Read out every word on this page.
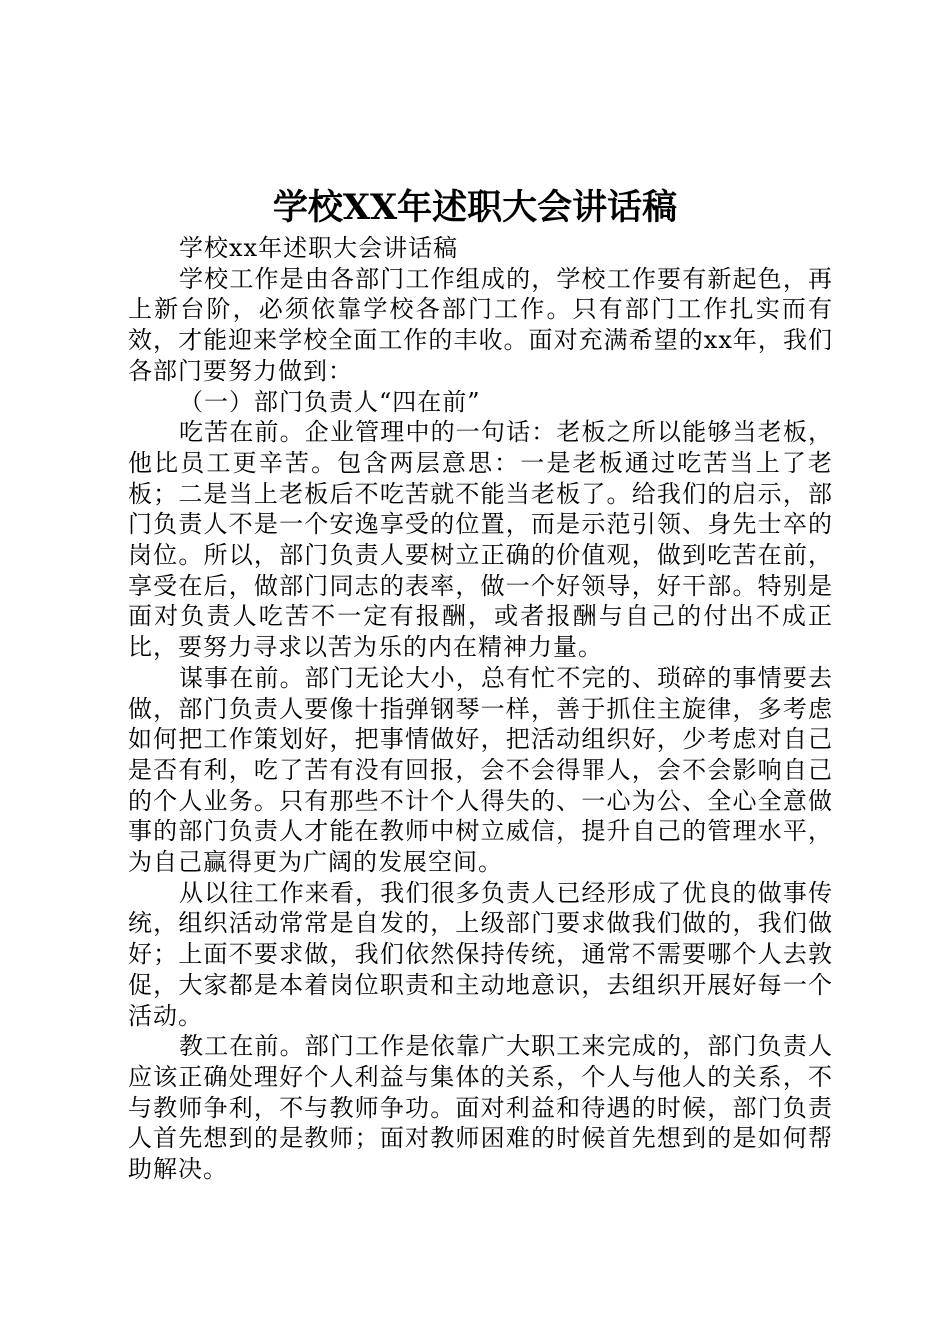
学校XX年述职大会讲话稿

学校xx年述职大会讲话稿

学校工作是由各部门工作组成的，学校工作要有新起色，再上新台阶，必须依靠学校各部门工作。只有部门工作扎实而有效，才能迎来学校全面工作的丰收。面对充满希望的xx年，我们各部门要努力做到：

（一）部门负责人“四在前”

吃苦在前。企业管理中的一句话：老板之所以能够当老板，他比员工更辛苦。包含两层意思：一是老板通过吃苦当上了老板；二是当上老板后不吃苦就不能当老板了。给我们的启示，部门负责人不是一个安逸享受的位置，而是示范引领、身先士卒的岗位。所以，部门负责人要树立正确的价值观，做到吃苦在前，享受在后，做部门同志的表率，做一个好领导，好干部。特别是面对负责人吃苦不一定有报酬，或者报酬与自己的付出不成正比，要努力寻求以苦为乐的内在精神力量。

谋事在前。部门无论大小，总有忙不完的、琐碎的事情要去做，部门负责人要像十指弹钢琴一样，善于抓住主旋律，多考虑如何把工作策划好，把事情做好，把活动组织好，少考虑对自己是否有利，吃了苦有没有回报，会不会得罪人，会不会影响自己的个人业务。只有那些不计个人得失的、一心为公、全心全意做事的部门负责人才能在教师中树立威信，提升自己的管理水平，为自己赢得更为广阔的发展空间。

从以往工作来看，我们很多负责人已经形成了优良的做事传统，组织活动常常是自发的，上级部门要求做我们做的，我们做好；上面不要求做，我们依然保持传统，通常不需要哪个人去敦促，大家都是本着岗位职责和主动地意识，去组织开展好每一个活动。

教工在前。部门工作是依靠广大职工来完成的，部门负责人应该正确处理好个人利益与集体的关系，个人与他人的关系，不与教师争利，不与教师争功。面对利益和待遇的时候，部门负责人首先想到的是教师；面对教师困难的时候首先想到的是如何帮助解决。
